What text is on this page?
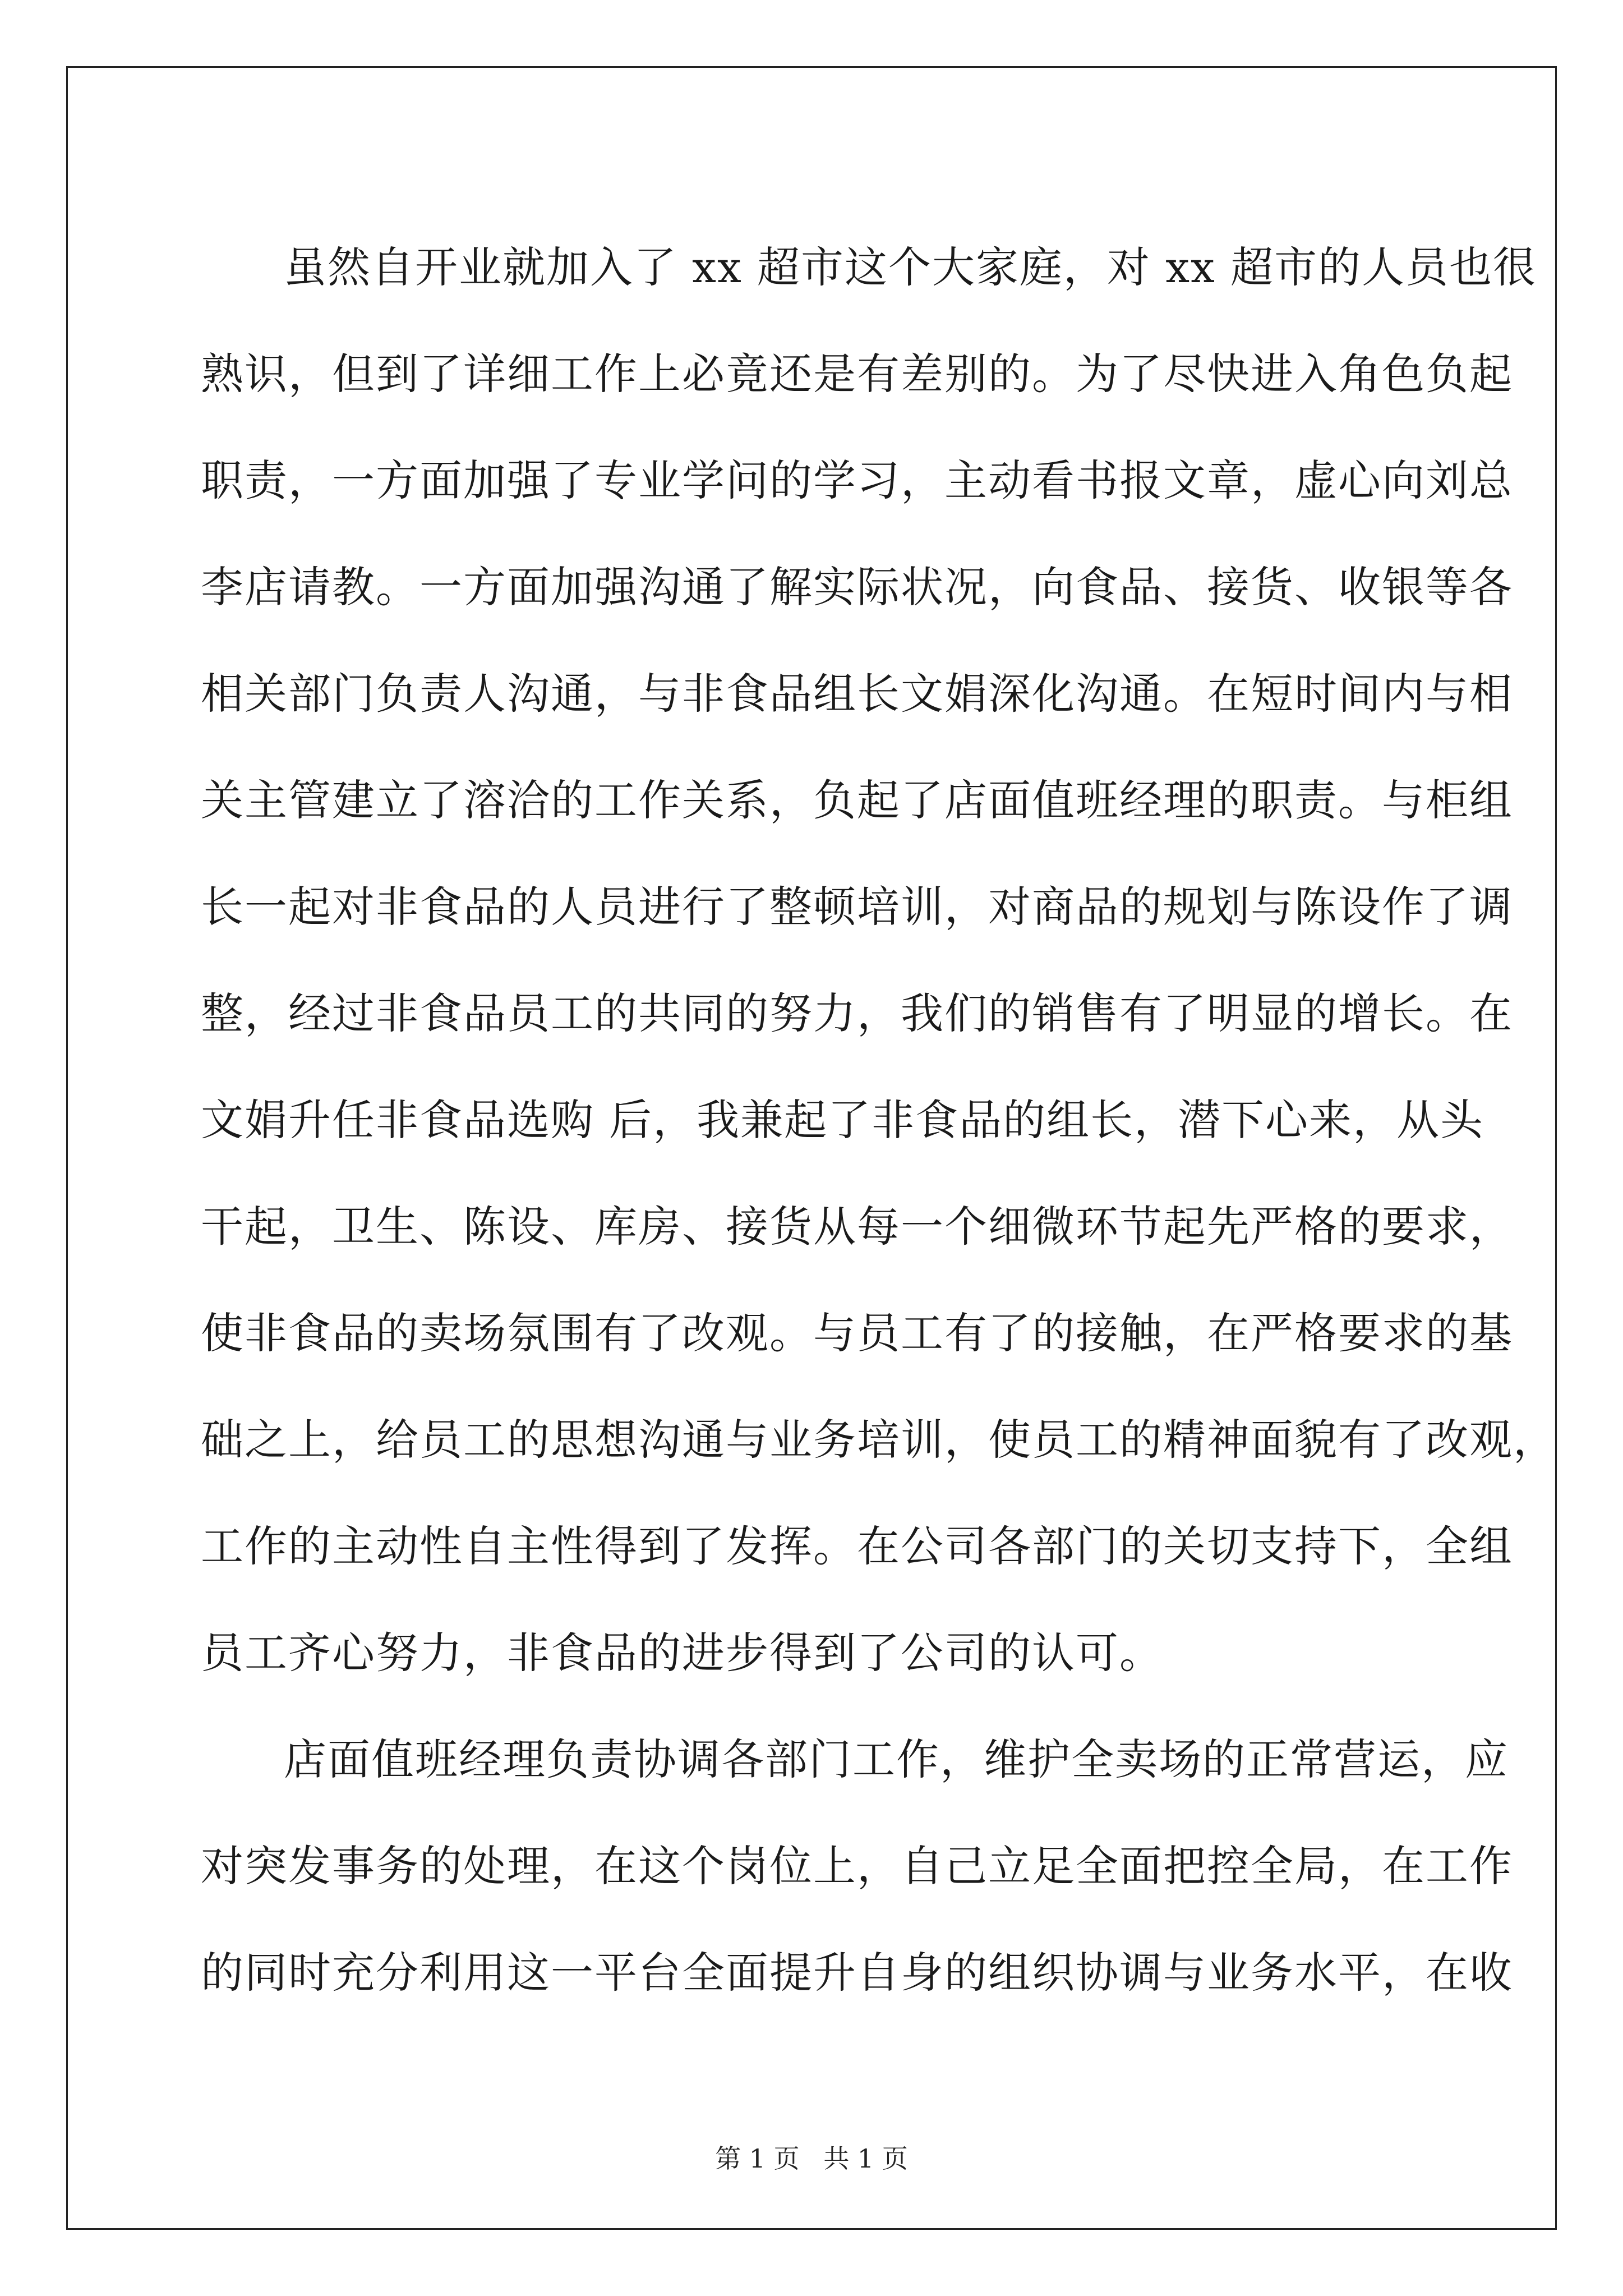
虽然自开业就加入了 xx 超市这个大家庭，对 xx 超市的人员也很
熟识，但到了详细工作上必竟还是有差别的。为了尽快进入角色负起
职责，一方面加强了专业学问的学习，主动看书报文章，虚心向刘总
李店请教。一方面加强沟通了解实际状况，向食品、接货、收银等各
相关部门负责人沟通，与非食品组长文娟深化沟通。在短时间内与相
关主管建立了溶洽的工作关系，负起了店面值班经理的职责。与柜组
长一起对非食品的人员进行了整顿培训，对商品的规划与陈设作了调
整，经过非食品员工的共同的努力，我们的销售有了明显的增长。在
文娟升任非食品选购 后，我兼起了非食品的组长，潜下心来，从头
干起，卫生、陈设、库房、接货从每一个细微环节起先严格的要求，
使非食品的卖场氛围有了改观。与员工有了的接触，在严格要求的基
础之上，给员工的思想沟通与业务培训，使员工的精神面貌有了改观，
工作的主动性自主性得到了发挥。在公司各部门的关切支持下，全组
员工齐心努力，非食品的进步得到了公司的认可。
店面值班经理负责协调各部门工作，维护全卖场的正常营运，应
对突发事务的处理，在这个岗位上，自己立足全面把控全局，在工作
的同时充分利用这一平台全面提升自身的组织协调与业务水平，在收
第 1 页 共 1 页
